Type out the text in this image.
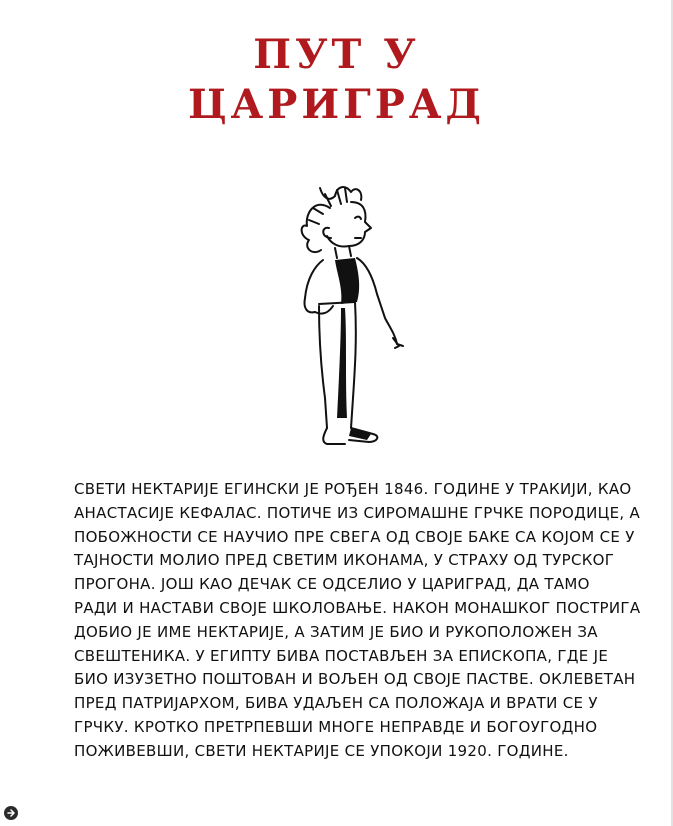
ПУТ У
ЦАРИГРАД
СВЕТИ НЕКТАРИЈЕ ЕГИНСКИ ЈЕ РОЂЕН 1846. ГОДИНЕ У ТРАКИЈИ, КАО
АНАСТАСИЈЕ КЕФАЛАС. ПОТИЧЕ ИЗ СИРОМАШНЕ ГРЧКЕ ПОРОДИЦЕ, А
ПОБОЖНОСТИ СЕ НАУЧИО ПРЕ СВЕГА ОД СВОЈЕ БАКЕ СА КОЈОМ СЕ У
ТАЈНОСТИ МОЛИО ПРЕД СВЕТИМ ИКОНАМА, У СТРАХУ ОД ТУРСКОГ
ПРОГОНА. ЈОШ КАО ДЕЧАК СЕ ОДСЕЛИО У ЦАРИГРАД, ДА ТАМО
РАДИ И НАСТАВИ СВОЈЕ ШКОЛОВАЊЕ. НАКОН МОНАШКОГ ПОСТРИГА
ДОБИО ЈЕ ИМЕ НЕКТАРИЈЕ, А ЗАТИМ ЈЕ БИО И РУКОПОЛОЖЕН ЗА
СВЕШТЕНИКА. У ЕГИПТУ БИВА ПОСТАВЉЕН ЗА ЕПИСКОПА, ГДЕ ЈЕ
БИО ИЗУЗЕТНО ПОШТОВАН И ВОЉЕН ОД СВОЈЕ ПАСТВЕ. ОКЛЕВЕТАН
ПРЕД ПАТРИЈАРХОМ, БИВА УДАЉЕН СА ПОЛОЖАЈА И ВРАТИ СЕ У
ГРЧКУ. КРОТКО ПРЕТРПЕВШИ МНОГЕ НЕПРАВДЕ И БОГОУГОДНО
ПОЖИВЕВШИ, СВЕТИ НЕКТАРИЈЕ СЕ УПОКОЈИ 1920. ГОДИНЕ.
